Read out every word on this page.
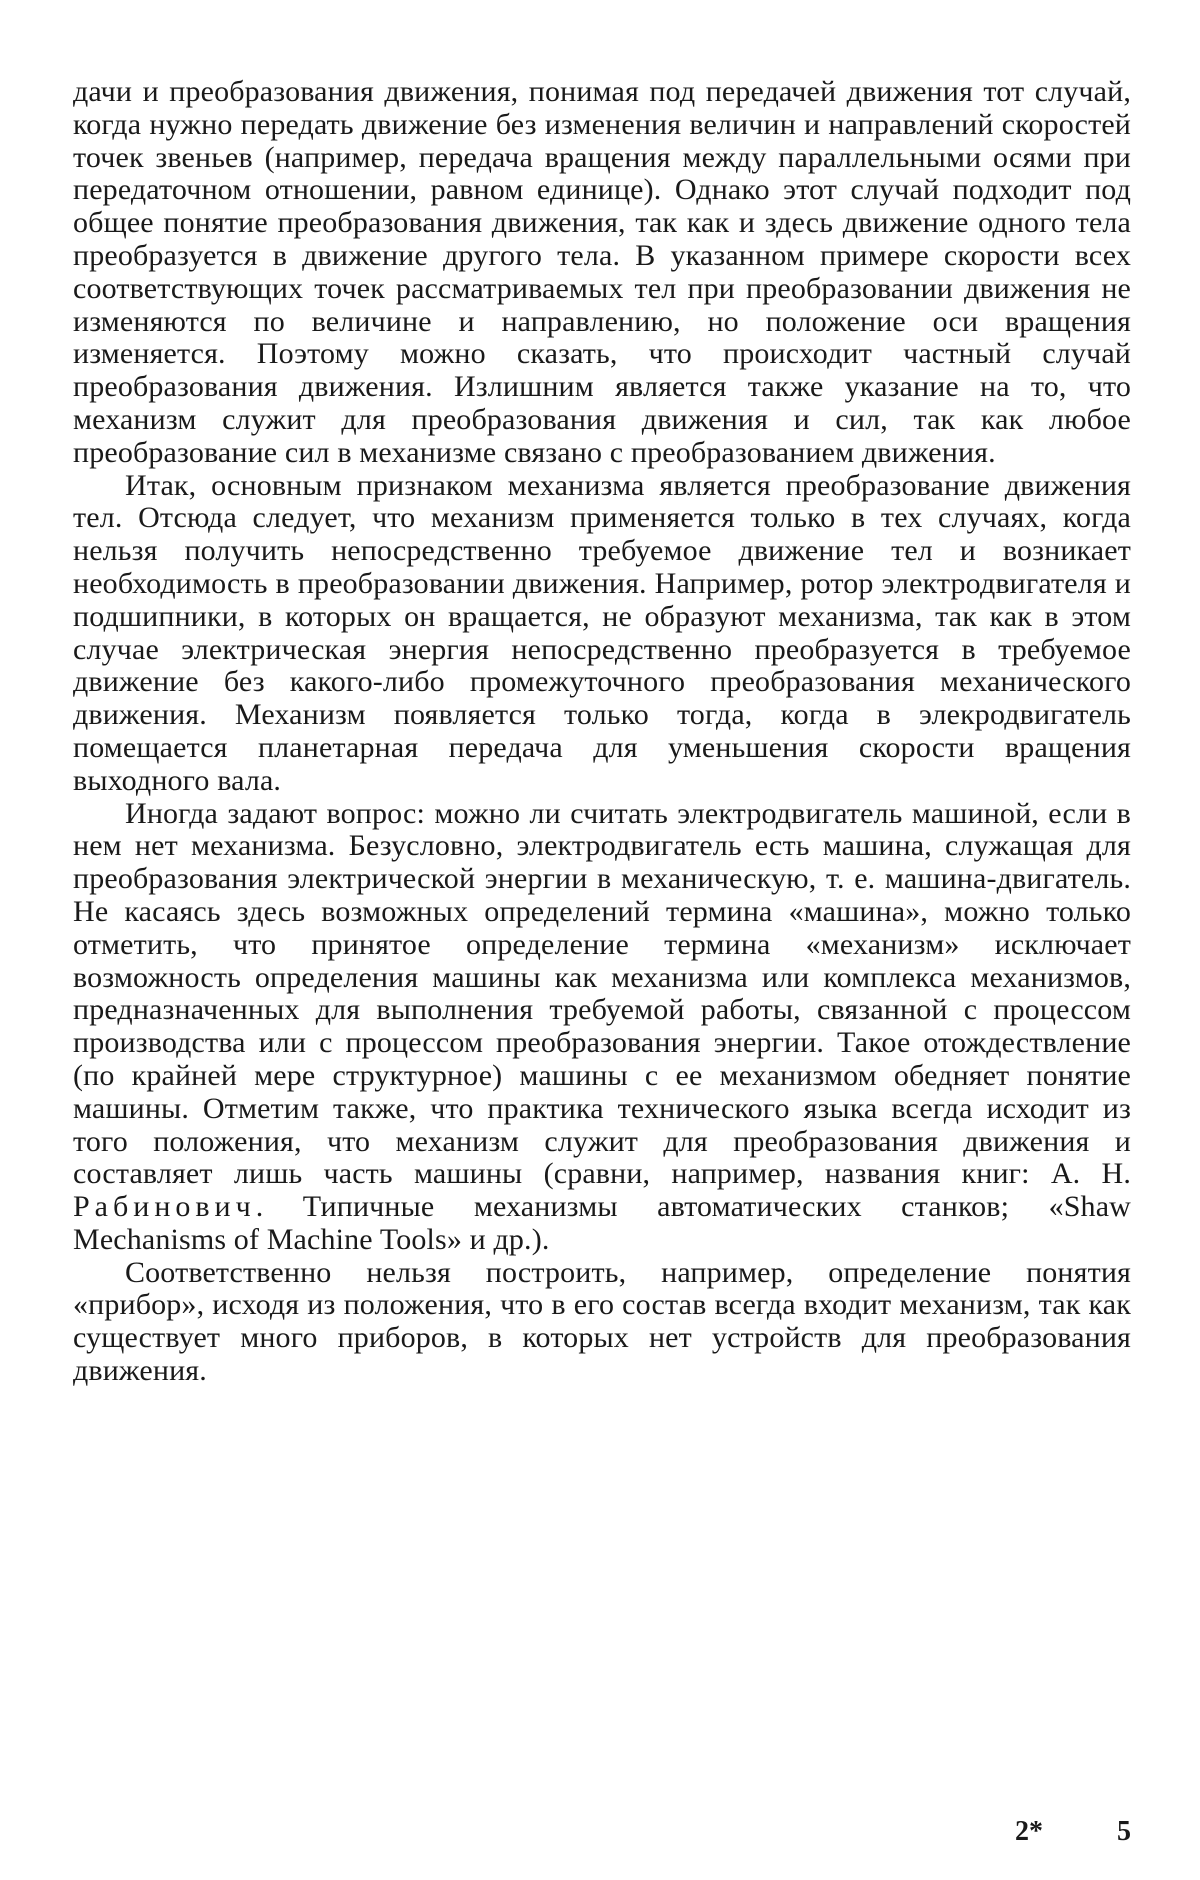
дачи и преобразования движения, понимая под передачей движения тот случай, когда нужно передать движение без изменения величин и направлений скоростей точек звеньев (например, передача вращения между параллельными осями при передаточном отношении, равном единице). Однако этот случай подходит под общее понятие преобразования движения, так как и здесь движение одного тела преобразуется в движение другого тела. В указанном примере скорости всех соответствующих точек рассматриваемых тел при преобразовании движения не изменяются по величине и направлению, но положение оси вращения изменяется. Поэтому можно сказать, что происходит частный случай преобразования движения. Излишним является также указание на то, что механизм служит для преобразования движения и сил, так как любое преобразование сил в механизме связано с преобразованием движения.

Итак, основным признаком механизма является преобразование движения тел. Отсюда следует, что механизм применяется только в тех случаях, когда нельзя получить непосредственно требуемое движение тел и возникает необходимость в преобразовании движения. Например, ротор электродвигателя и подшипники, в которых он вращается, не образуют механизма, так как в этом случае электрическая энергия непосредственно преобразуется в требуемое движение без какого-либо промежуточного преобразования механического движения. Механизм появляется только тогда, когда в элекродвигатель помещается планетарная передача для уменьшения скорости вращения выходного вала.

Иногда задают вопрос: можно ли считать электродвигатель машиной, если в нем нет механизма. Безусловно, электродвигатель есть машина, служащая для преобразования электрической энергии в механическую, т. е. машина-двигатель. Не касаясь здесь возможных определений термина «машина», можно только отметить, что принятое определение термина «механизм» исключает возможность определения машины как механизма или комплекса механизмов, предназначенных для выполнения требуемой работы, связанной с процессом производства или с процессом преобразования энергии. Такое отождествление (по крайней мере структурное) машины с ее механизмом обедняет понятие машины. Отметим также, что практика технического языка всегда исходит из того положения, что механизм служит для преобразования движения и составляет лишь часть машины (сравни, например, названия книг: А. Н. Рабинович. Типичные механизмы автоматических станков; «Shaw Mechanisms of Machine Tools» и др.).

Соответственно нельзя построить, например, определение понятия «прибор», исходя из положения, что в его состав всегда входит механизм, так как существует много приборов, в которых нет устройств для преобразования движения.

2*	5
